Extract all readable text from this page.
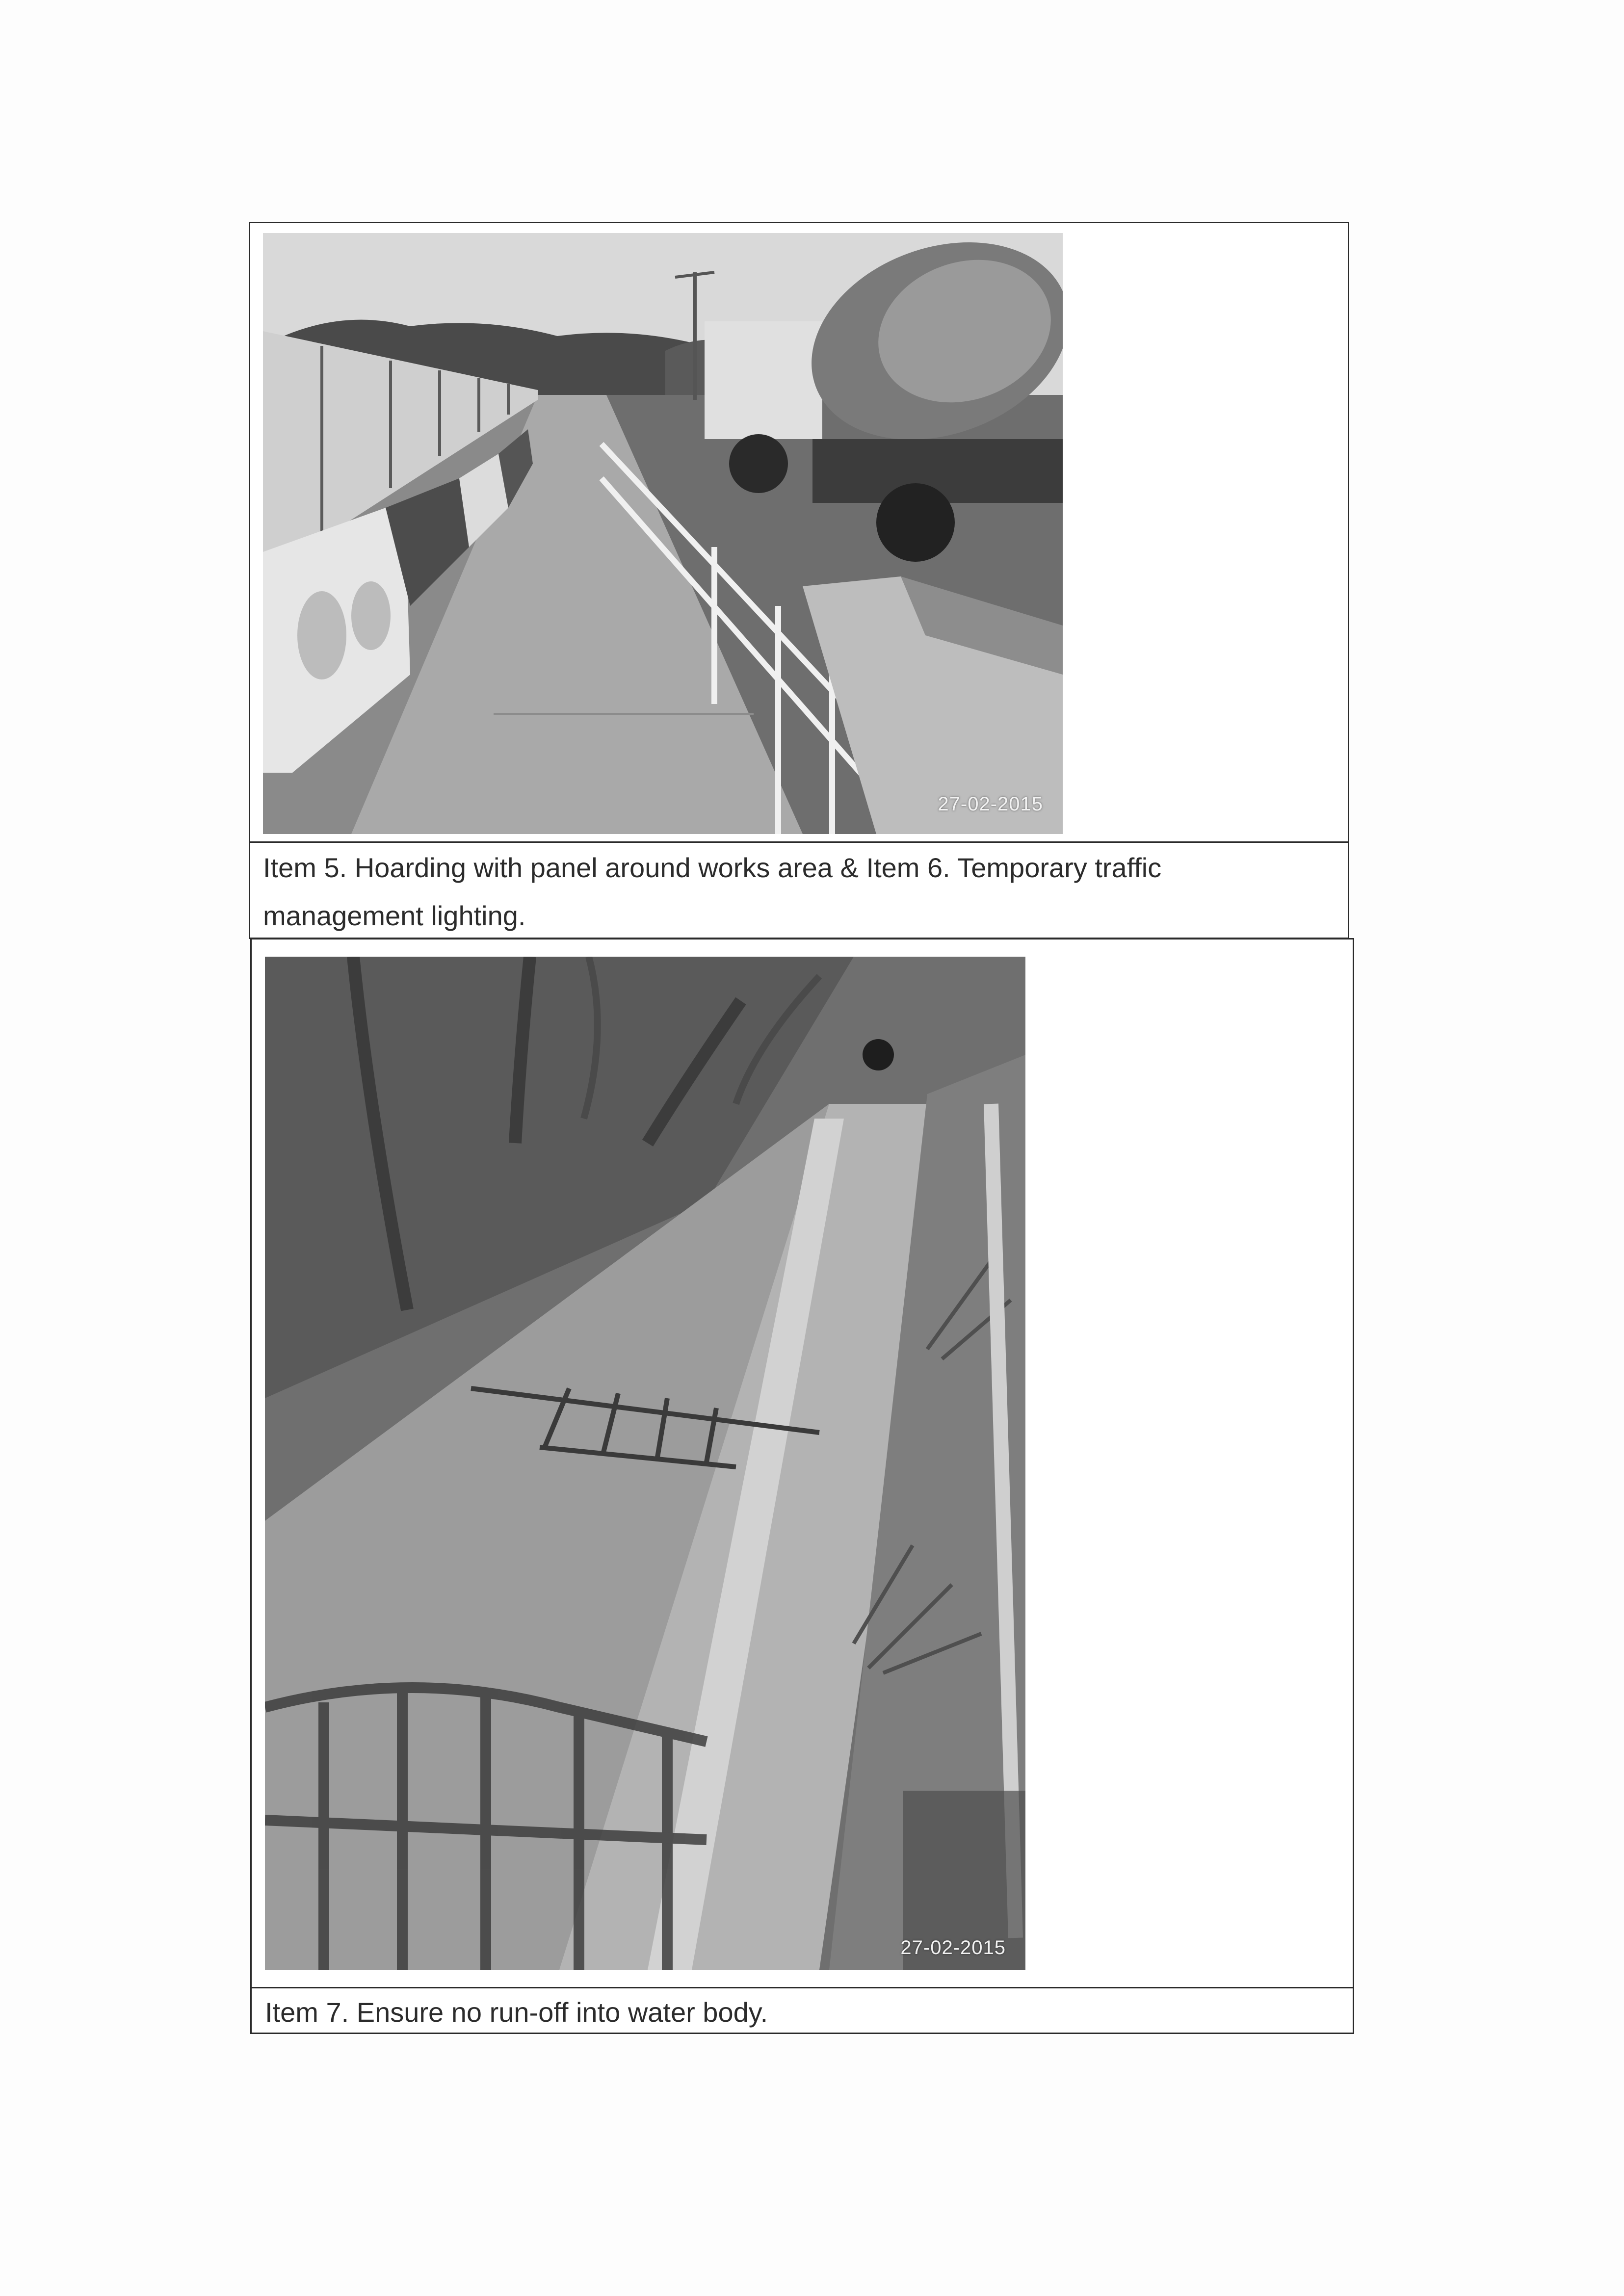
27-02-2015
Item 5. Hoarding with panel around works area & Item 6. Temporary traffic management lighting.
27-02-2015
Item 7. Ensure no run-off into water body.
